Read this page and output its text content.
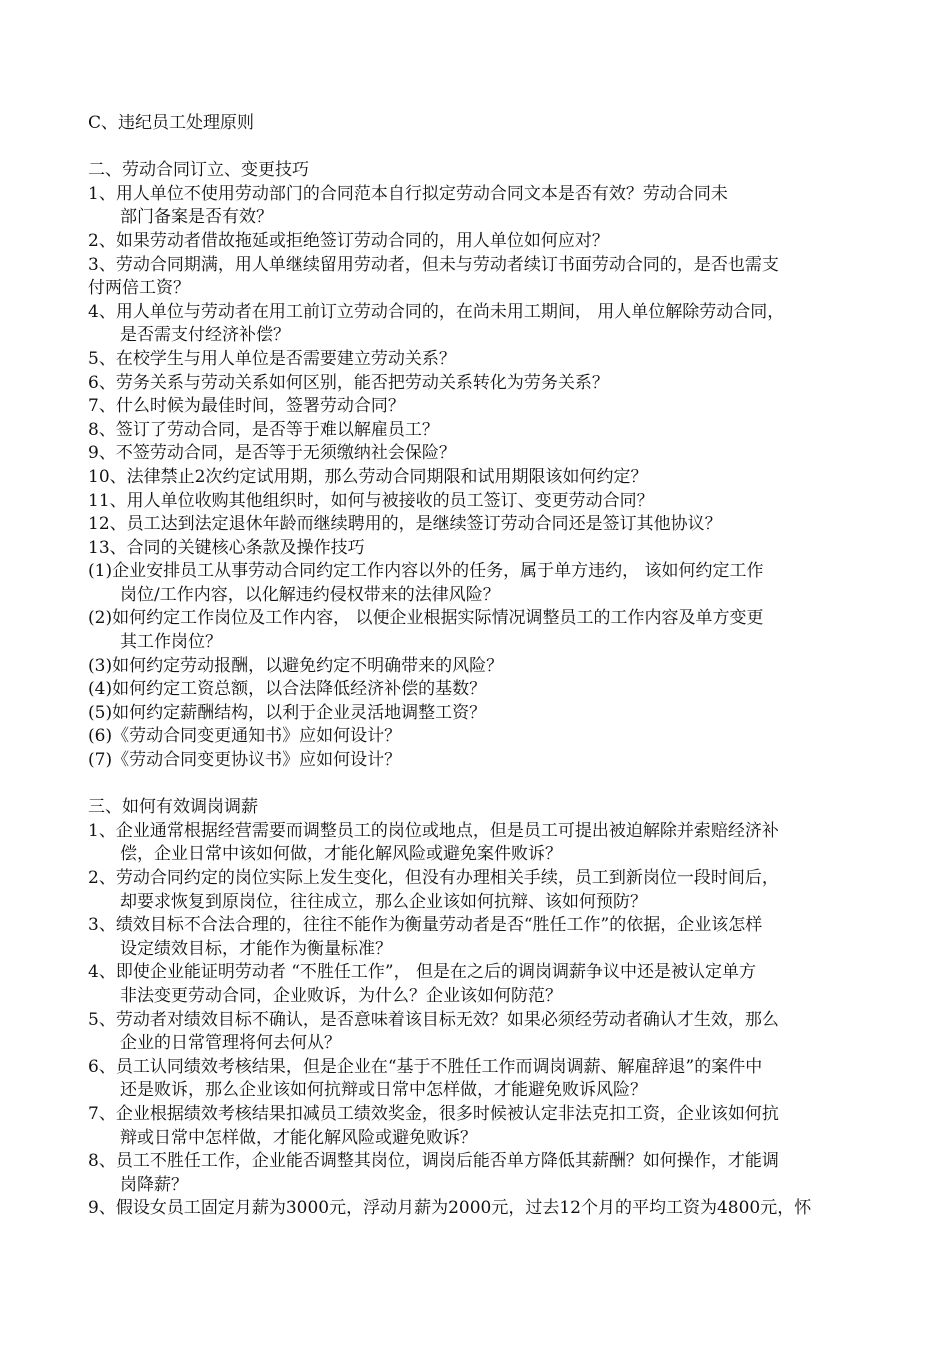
C、违纪员工处理原则
二、劳动合同订立、变更技巧
1、用人单位不使用劳动部门的合同范本自行拟定劳动合同文本是否有效？劳动合同未
部门备案是否有效？
2、如果劳动者借故拖延或拒绝签订劳动合同的，用人单位如何应对？
3、劳动合同期满，用人单继续留用劳动者，但未与劳动者续订书面劳动合同的，是否也需支
付两倍工资？
4、用人单位与劳动者在用工前订立劳动合同的，在尚未用工期间， 用人单位解除劳动合同，
是否需支付经济补偿？
5、在校学生与用人单位是否需要建立劳动关系？
6、劳务关系与劳动关系如何区别，能否把劳动关系转化为劳务关系？
7、什么时候为最佳时间，签署劳动合同？
8、签订了劳动合同，是否等于难以解雇员工？
9、不签劳动合同，是否等于无须缴纳社会保险？
10、法律禁止2次约定试用期，那么劳动合同期限和试用期限该如何约定？
11、用人单位收购其他组织时，如何与被接收的员工签订、变更劳动合同？
12、员工达到法定退休年龄而继续聘用的，是继续签订劳动合同还是签订其他协议？
13、合同的关键核心条款及操作技巧
(1)企业安排员工从事劳动合同约定工作内容以外的任务，属于单方违约， 该如何约定工作
岗位/工作内容，以化解违约侵权带来的法律风险？
(2)如何约定工作岗位及工作内容， 以便企业根据实际情况调整员工的工作内容及单方变更
其工作岗位？
(3)如何约定劳动报酬，以避免约定不明确带来的风险？
(4)如何约定工资总额，以合法降低经济补偿的基数？
(5)如何约定薪酬结构，以利于企业灵活地调整工资？
(6)《劳动合同变更通知书》应如何设计？
(7)《劳动合同变更协议书》应如何设计？
三、如何有效调岗调薪
1、企业通常根据经营需要而调整员工的岗位或地点，但是员工可提出被迫解除并索赔经济补
偿，企业日常中该如何做，才能化解风险或避免案件败诉？
2、劳动合同约定的岗位实际上发生变化，但没有办理相关手续，员工到新岗位一段时间后，
却要求恢复到原岗位，往往成立，那么企业该如何抗辩、该如何预防？
3、绩效目标不合法合理的，往往不能作为衡量劳动者是否“胜任工作”的依据，企业该怎样
设定绩效目标，才能作为衡量标准？
4、即使企业能证明劳动者 “不胜任工作”， 但是在之后的调岗调薪争议中还是被认定单方
非法变更劳动合同，企业败诉，为什么？企业该如何防范？
5、劳动者对绩效目标不确认，是否意味着该目标无效？如果必须经劳动者确认才生效，那么
企业的日常管理将何去何从？
6、员工认同绩效考核结果，但是企业在“基于不胜任工作而调岗调薪、解雇辞退”的案件中
还是败诉，那么企业该如何抗辩或日常中怎样做，才能避免败诉风险？
7、企业根据绩效考核结果扣减员工绩效奖金，很多时候被认定非法克扣工资，企业该如何抗
辩或日常中怎样做，才能化解风险或避免败诉？
8、员工不胜任工作，企业能否调整其岗位，调岗后能否单方降低其薪酬？如何操作，才能调
岗降薪？
9、假设女员工固定月薪为3000元，浮动月薪为2000元，过去12个月的平均工资为4800元，怀
